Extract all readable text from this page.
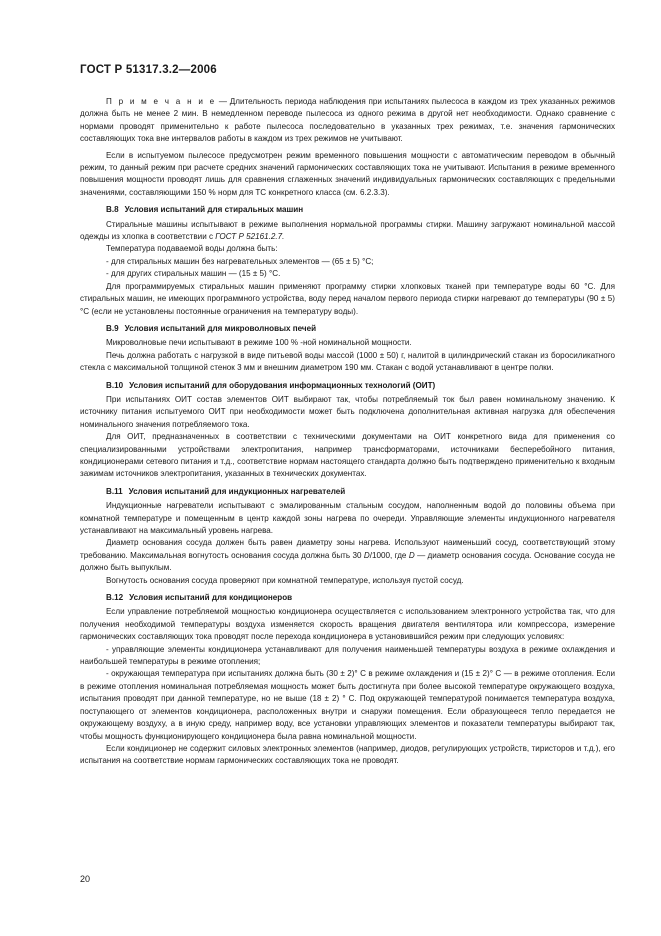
ГОСТ Р 51317.3.2—2006

П р и м е ч а н и е — Длительность периода наблюдения при испытаниях пылесоса в каждом из трех указанных режимов должна быть не менее 2 мин. В немедленном переводе пылесоса из одного режима в другой нет необходимости. Однако сравнение с нормами проводят применительно к работе пылесоса последовательно в указанных трех режимах, т.е. значения гармонических составляющих тока вне интервалов работы в каждом из трех режимов не учитывают.

Если в испытуемом пылесосе предусмотрен режим временного повышения мощности с автоматическим переводом в обычный режим, то данный режим при расчете средних значений гармонических составляющих тока не учитывают. Испытания в режиме временного повышения мощности проводят лишь для сравнения сглаженных значений индивидуальных гармонических составляющих с предельными значениями, составляющими 150 % норм для ТС конкретного класса (см. 6.2.3.3).

В.8 Условия испытаний для стиральных машин

Стиральные машины испытывают в режиме выполнения нормальной программы стирки. Машину загружают номинальной массой одежды из хлопка в соответствии с ГОСТ Р 52161.2.7.

Температура подаваемой воды должна быть:

- для стиральных машин без нагревательных элементов — (65 ± 5) °С;

- для других стиральных машин — (15 ± 5) °С.

Для программируемых стиральных машин применяют программу стирки хлопковых тканей при температуре воды 60 °С. Для стиральных машин, не имеющих программного устройства, воду перед началом первого периода стирки нагревают до температуры (90 ± 5) °С (если не установлены постоянные ограничения на температуру воды).

В.9 Условия испытаний для микроволновых печей

Микроволновые печи испытывают в режиме 100 % -ной номинальной мощности.

Печь должна работать с нагрузкой в виде питьевой воды массой (1000 ± 50) г, налитой в цилиндрический стакан из боросиликатного стекла с максимальной толщиной стенок 3 мм и внешним диаметром 190 мм. Стакан с водой устанавливают в центре полки.

В.10 Условия испытаний для оборудования информационных технологий (ОИТ)

При испытаниях ОИТ состав элементов ОИТ выбирают так, чтобы потребляемый ток был равен номинальному значению. К источнику питания испытуемого ОИТ при необходимости может быть подключена дополнительная активная нагрузка для обеспечения номинального значения потребляемого тока.

Для ОИТ, предназначенных в соответствии с техническими документами на ОИТ конкретного вида для применения со специализированными устройствами электропитания, например трансформаторами, источниками бесперебойного питания, кондиционерами сетевого питания и т.д., соответствие нормам настоящего стандарта должно быть подтверждено применительно к входным зажимам источников электропитания, указанных в технических документах.

В.11 Условия испытаний для индукционных нагревателей

Индукционные нагреватели испытывают с эмалированным стальным сосудом, наполненным водой до половины объема при комнатной температуре и помещенным в центр каждой зоны нагрева по очереди. Управляющие элементы индукционного нагревателя устанавливают на максимальный уровень нагрева.

Диаметр основания сосуда должен быть равен диаметру зоны нагрева. Используют наименьший сосуд, соответствующий этому требованию. Максимальная вогнутость основания сосуда должна быть 30 D/1000, где D — диаметр основания сосуда. Основание сосуда не должно быть выпуклым.

Вогнутость основания сосуда проверяют при комнатной температуре, используя пустой сосуд.

В.12 Условия испытаний для кондиционеров

Если управление потребляемой мощностью кондиционера осуществляется с использованием электронного устройства так, что для получения необходимой температуры воздуха изменяется скорость вращения двигателя вентилятора или компрессора, измерение гармонических составляющих тока проводят после перехода кондиционера в установившийся режим при следующих условиях:

- управляющие элементы кондиционера устанавливают для получения наименьшей температуры воздуха в режиме охлаждения и наибольшей температуры в режиме отопления;

- окружающая температура при испытаниях должна быть (30 ± 2)° С в режиме охлаждения и (15 ± 2)° С — в режиме отопления. Если в режиме отопления номинальная потребляемая мощность может быть достигнута при более высокой температуре окружающего воздуха, испытания проводят при данной температуре, но не выше (18 ± 2) ° С. Под окружающей температурой понимается температура воздуха, поступающего от элементов кондиционера, расположенных внутри и снаружи помещения. Если образующееся тепло передается не окружающему воздуху, а в иную среду, например воду, все установки управляющих элементов и показатели температуры выбирают так, чтобы мощность функционирующего кондиционера была равна номинальной мощности.

Если кондиционер не содержит силовых электронных элементов (например, диодов, регулирующих устройств, тиристоров и т.д.), его испытания на соответствие нормам гармонических составляющих тока не проводят.

20
